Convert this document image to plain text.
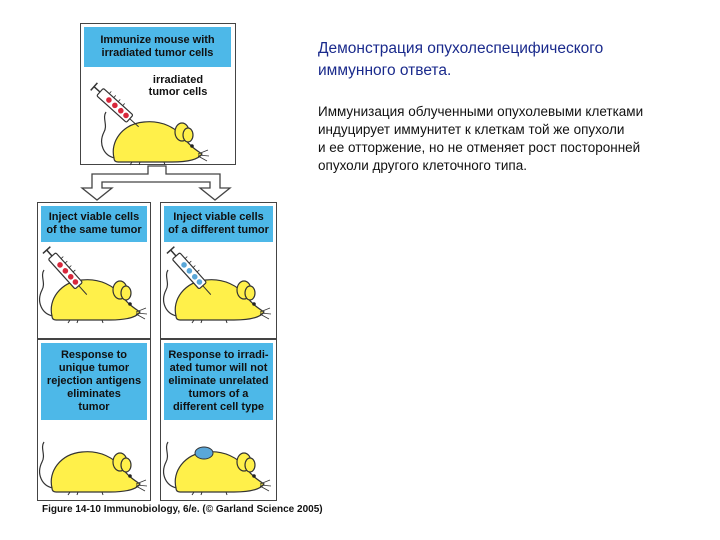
Immunize mouse with
irradiated tumor cells
irradiated
tumor cells
Inject viable cells
of the same tumor
Inject viable cells
of a different tumor
Response to
unique tumor
rejection antigens
eliminates
tumor
Response to irradi-
ated tumor will not
eliminate unrelated
tumors of a
different cell type
Figure 14-10 Immunobiology, 6/e. (© Garland Science 2005)
Демонстрация опухолеспецифического
иммунного ответа.
Иммунизация облученными опухолевыми клетками
индуцирует иммунитет к клеткам той же опухоли
и ее отторжение, но не отменяет рост посторонней
опухоли другого клеточного типа.
